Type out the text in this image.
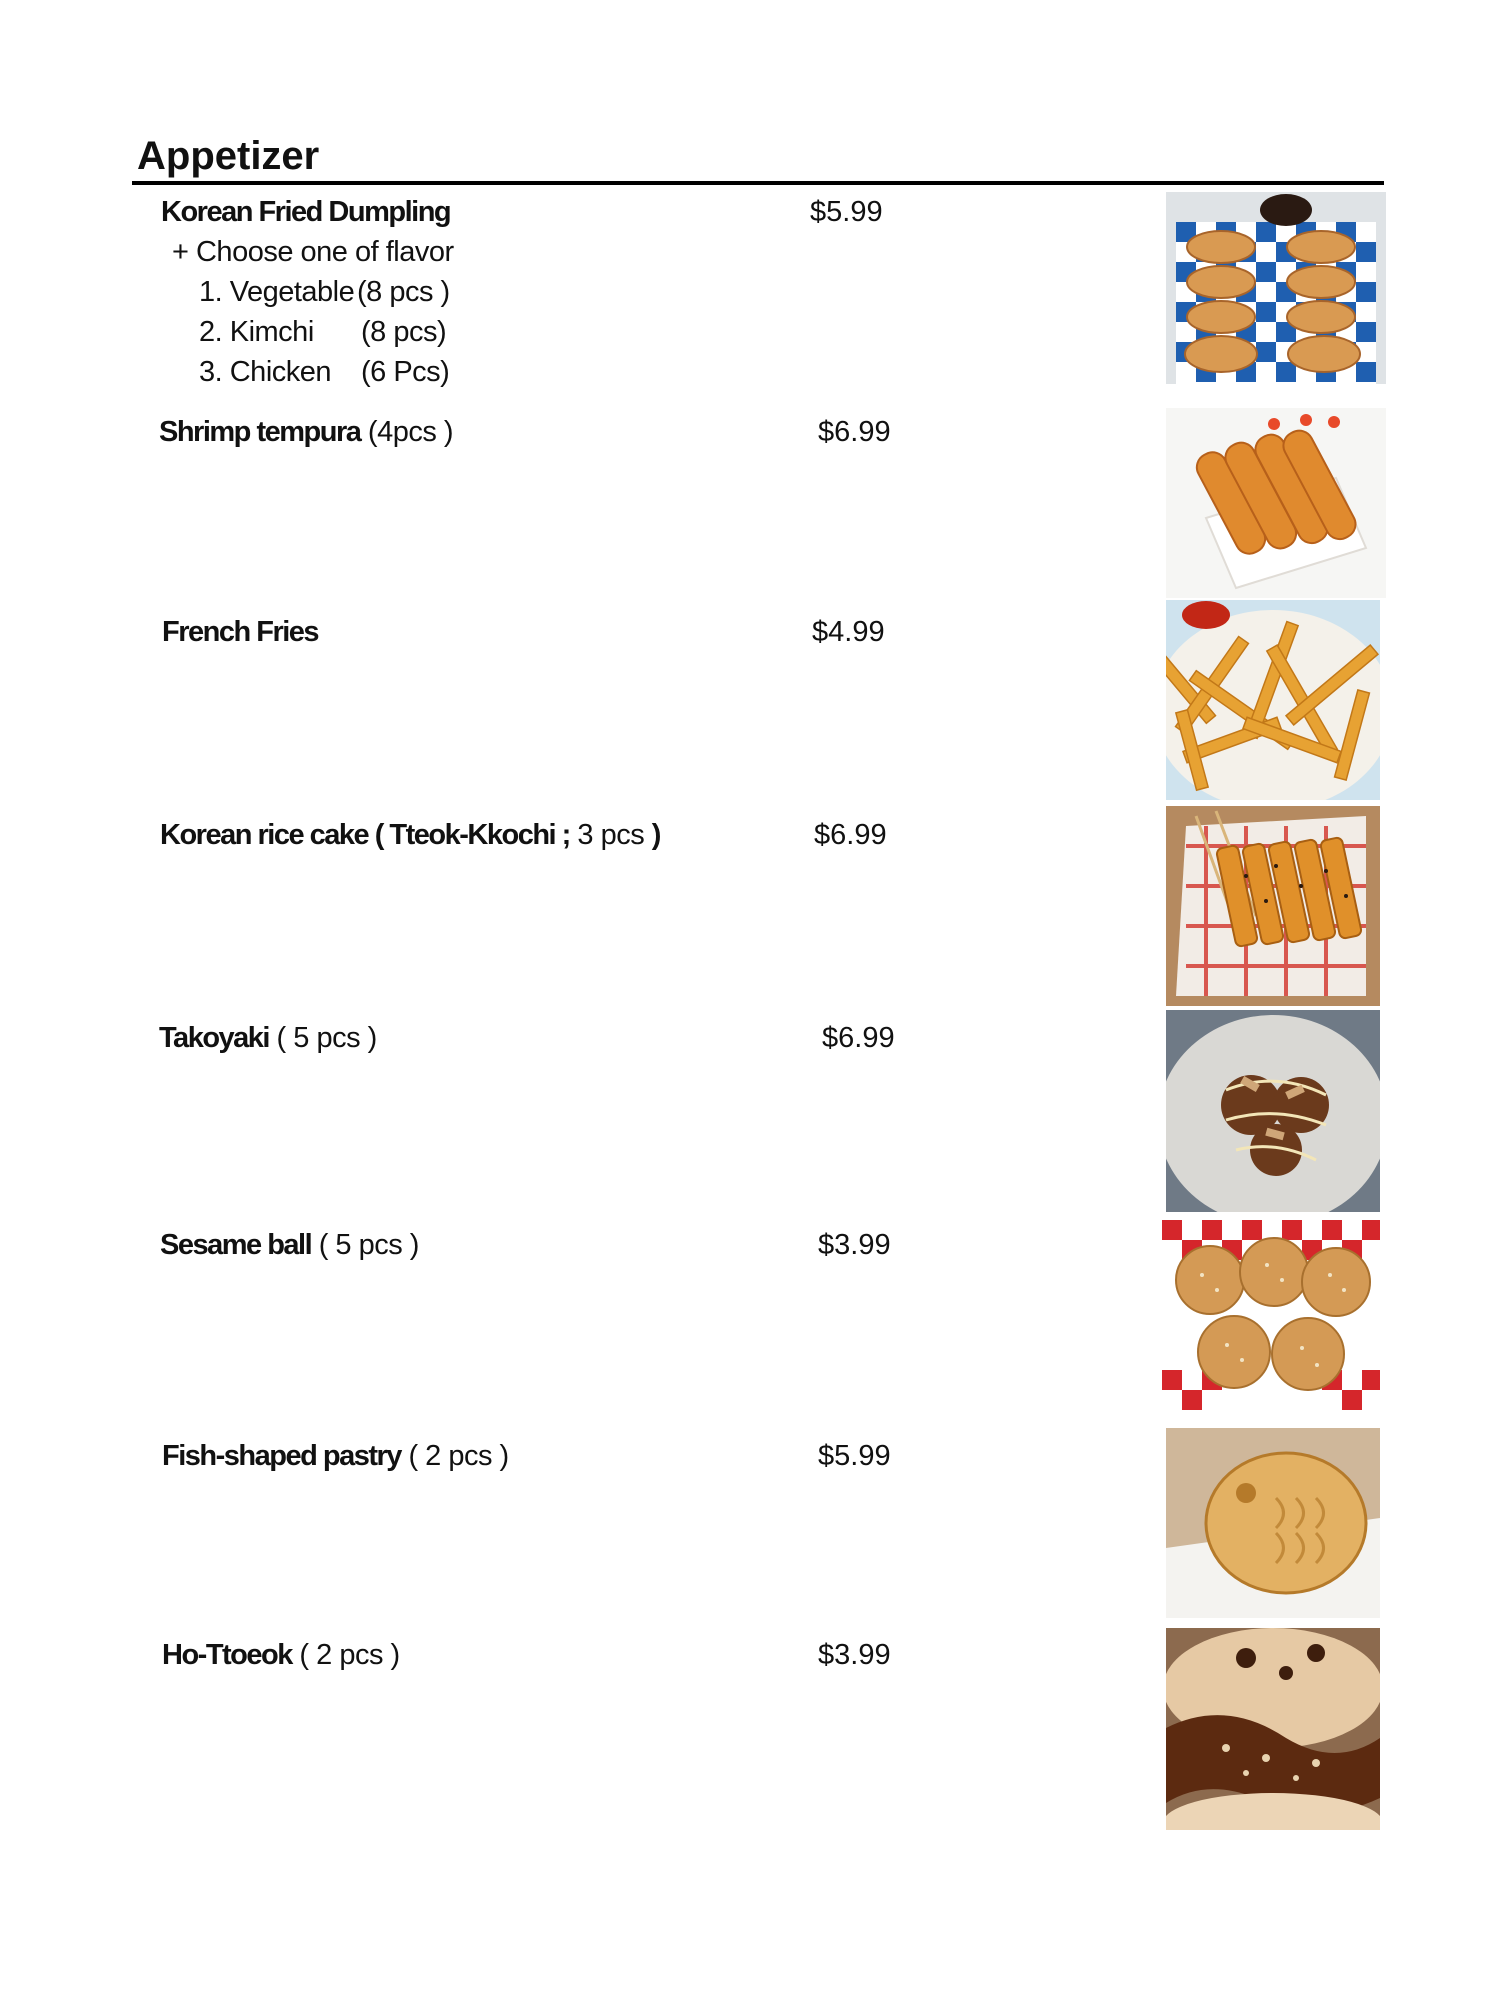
Appetizer
Korean Fried Dumpling	$5.99
+ Choose one of flavor
1. Vegetable (8 pcs )
2. Kimchi (8 pcs)
3. Chicken (6 Pcs)
Shrimp tempura (4pcs )	$6.99
French Fries	$4.99
Korean rice cake ( Tteok-Kkochi ; 3 pcs )	$6.99
Takoyaki ( 5 pcs )	$6.99
Sesame ball ( 5 pcs )	$3.99
Fish-shaped pastry ( 2 pcs )	$5.99
Ho-Ttoeok ( 2 pcs )	$3.99
